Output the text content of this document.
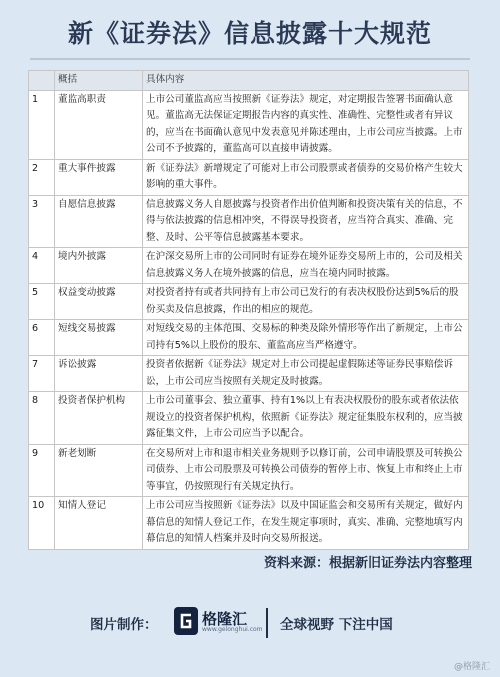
新《证券法》信息披露十大规范
	概括	具体内容
1	董监高职责	上市公司董监高应当按照新《证券法》规定，对定期报告签署书面确认意见。董监高无法保证定期报告内容的真实性、准确性、完整性或者有异议的，应当在书面确认意见中发表意见并陈述理由，上市公司应当披露。上市公司不予披露的，董监高可以直接申请披露。
2	重大事件披露	新《证券法》新增规定了可能对上市公司股票或者债券的交易价格产生较大影响的重大事件。
3	自愿信息披露	信息披露义务人自愿披露与投资者作出价值判断和投资决策有关的信息，不得与依法披露的信息相冲突，不得误导投资者，应当符合真实、准确、完整、及时、公平等信息披露基本要求。
4	境内外披露	在沪深交易所上市的公司同时有证券在境外证券交易所上市的，公司及相关信息披露义务人在境外披露的信息，应当在境内同时披露。
5	权益变动披露	对投资者持有或者共同持有上市公司已发行的有表决权股份达到5%后的股份买卖及信息披露，作出的相应的规范。
6	短线交易披露	对短线交易的主体范围、交易标的种类及除外情形等作出了新规定，上市公司持有5%以上股份的股东、董监高应当严格遵守。
7	诉讼披露	投资者依据新《证券法》规定对上市公司提起虚假陈述等证券民事赔偿诉讼，上市公司应当按照有关规定及时披露。
8	投资者保护机构	上市公司董事会、独立董事、持有1%以上有表决权股份的股东或者依法依规设立的投资者保护机构，依照新《证券法》规定征集股东权利的，应当披露征集文件，上市公司应当予以配合。
9	新老划断	在交易所对上市和退市相关业务规则予以修订前，公司申请股票及可转换公司债券、上市公司股票及可转换公司债券的暂停上市、恢复上市和终止上市等事宜，仍按照现行有关规定执行。
10	知情人登记	上市公司应当按照新《证券法》以及中国证监会和交易所有关规定，做好内幕信息的知情人登记工作，在发生规定事项时，真实、准确、完整地填写内幕信息的知情人档案并及时向交易所报送。
资料来源：根据新旧证券法内容整理
图片制作：	格隆汇
www.gelonghui.com 全球视野 下注中国
@格隆汇
